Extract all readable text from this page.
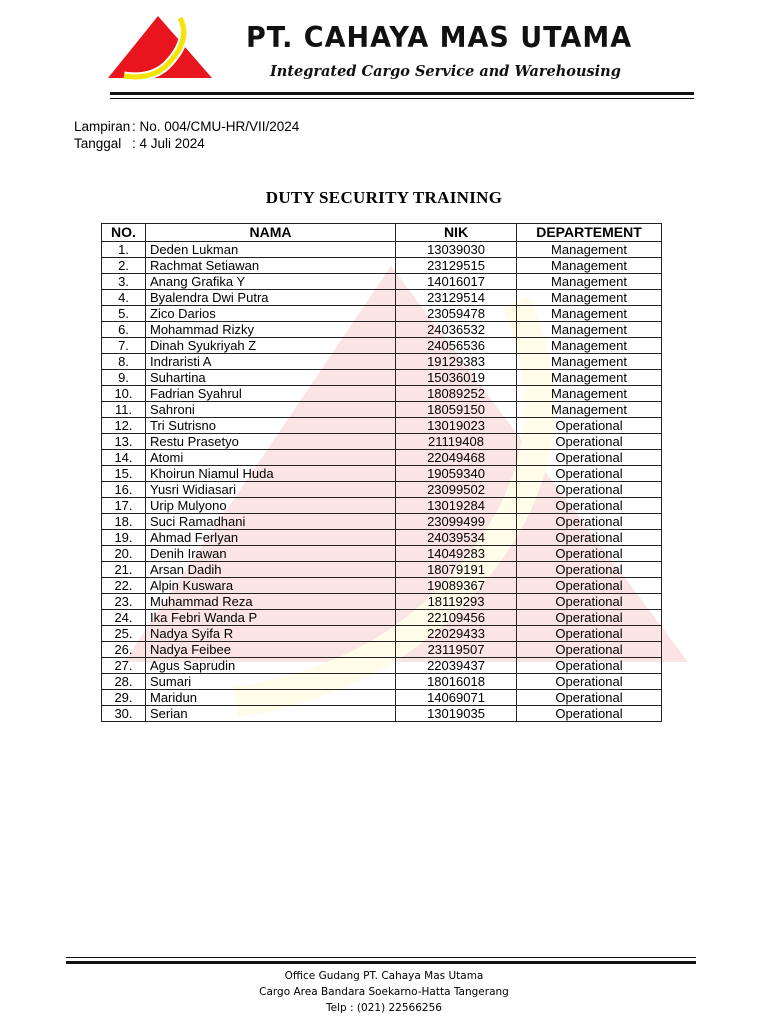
PT. CAHAYA MAS UTAMA
Integrated Cargo Service and Warehousing
Lampiran : No. 004/CMU-HR/VII/2024
Tanggal : 4 Juli 2024
DUTY SECURITY TRAINING
NO.	NAMA	NIK	DEPARTEMENT
1.	Deden Lukman	13039030	Management
2.	Rachmat Setiawan	23129515	Management
3.	Anang Grafika Y	14016017	Management
4.	Byalendra Dwi Putra	23129514	Management
5.	Zico Darios	23059478	Management
6.	Mohammad Rizky	24036532	Management
7.	Dinah Syukriyah Z	24056536	Management
8.	Indraristi A	19129383	Management
9.	Suhartina	15036019	Management
10.	Fadrian Syahrul	18089252	Management
11.	Sahroni	18059150	Management
12.	Tri Sutrisno	13019023	Operational
13.	Restu Prasetyo	21119408	Operational
14.	Atomi	22049468	Operational
15.	Khoirun Niamul Huda	19059340	Operational
16.	Yusri Widiasari	23099502	Operational
17.	Urip Mulyono	13019284	Operational
18.	Suci Ramadhani	23099499	Operational
19.	Ahmad Ferlyan	24039534	Operational
20.	Denih Irawan	14049283	Operational
21.	Arsan Dadih	18079191	Operational
22.	Alpin Kuswara	19089367	Operational
23.	Muhammad Reza	18119293	Operational
24.	Ika Febri Wanda P	22109456	Operational
25.	Nadya Syifa R	22029433	Operational
26.	Nadya Feibee	23119507	Operational
27.	Agus Saprudin	22039437	Operational
28.	Sumari	18016018	Operational
29.	Maridun	14069071	Operational
30.	Serian	13019035	Operational
Office Gudang PT. Cahaya Mas Utama
Cargo Area Bandara Soekarno-Hatta Tangerang
Telp : (021) 22566256
